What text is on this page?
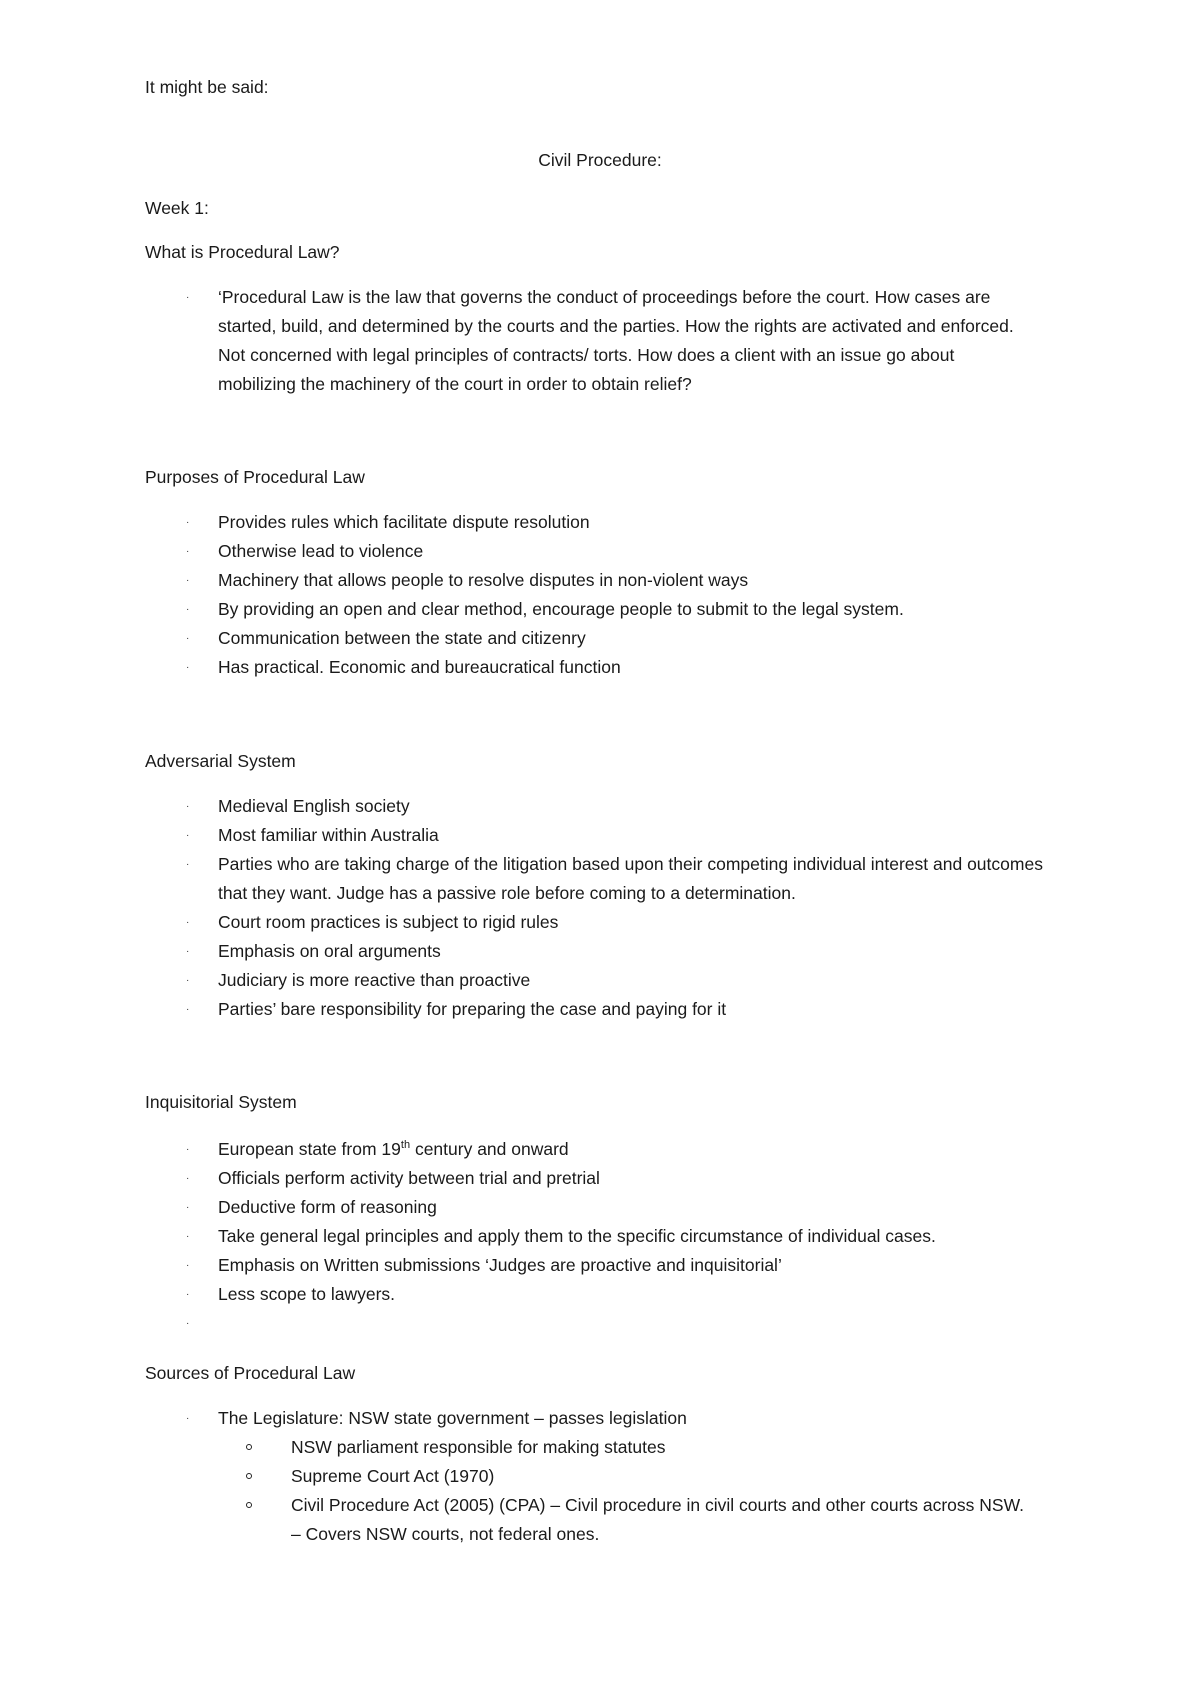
It might be said:
Civil Procedure:
Week 1:
What is Procedural Law?
· ‘Procedural Law is the law that governs the conduct of proceedings before the court. How cases are started, build, and determined by the courts and the parties. How the rights are activated and enforced. Not concerned with legal principles of contracts/ torts. How does a client with an issue go about mobilizing the machinery of the court in order to obtain relief?
Purposes of Procedural Law
· Provides rules which facilitate dispute resolution
· Otherwise lead to violence
· Machinery that allows people to resolve disputes in non-violent ways
· By providing an open and clear method, encourage people to submit to the legal system.
· Communication between the state and citizenry
· Has practical. Economic and bureaucratical function
Adversarial System
· Medieval English society
· Most familiar within Australia
· Parties who are taking charge of the litigation based upon their competing individual interest and outcomes that they want. Judge has a passive role before coming to a determination.
· Court room practices is subject to rigid rules
· Emphasis on oral arguments
· Judiciary is more reactive than proactive
· Parties’ bare responsibility for preparing the case and paying for it
Inquisitorial System
· European state from 19th century and onward
· Officials perform activity between trial and pretrial
· Deductive form of reasoning
· Take general legal principles and apply them to the specific circumstance of individual cases.
· Emphasis on Written submissions ‘Judges are proactive and inquisitorial’
· Less scope to lawyers.
·
Sources of Procedural Law
· The Legislature: NSW state government – passes legislation
NSW parliament responsible for making statutes
Supreme Court Act (1970)
Civil Procedure Act (2005) (CPA) – Civil procedure in civil courts and other courts across NSW. – Covers NSW courts, not federal ones.
